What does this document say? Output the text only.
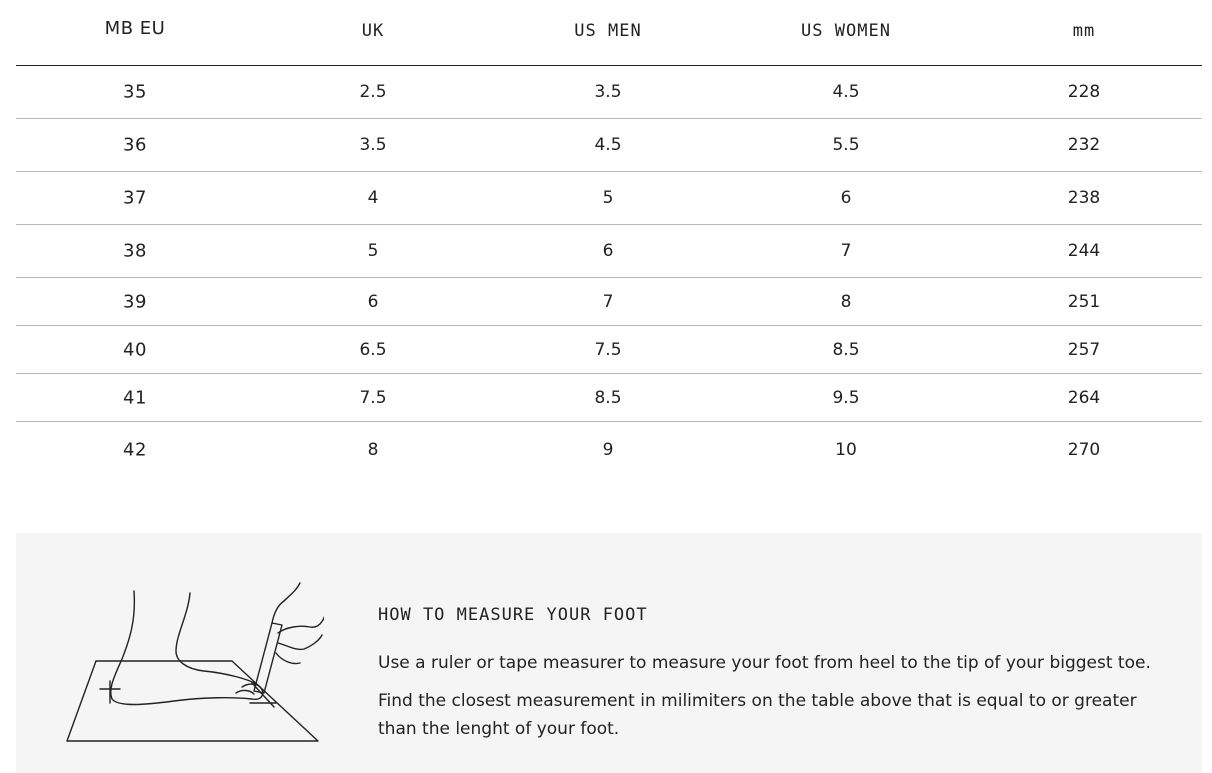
MB EU	UK	US MEN	US WOMEN	mm
35	2.5	3.5	4.5	228
36	3.5	4.5	5.5	232
37	4	5	6	238
38	5	6	7	244
39	6	7	8	251
40	6.5	7.5	8.5	257
41	7.5	8.5	9.5	264
42	8	9	10	270
HOW TO MEASURE YOUR FOOT
Use a ruler or tape measurer to measure your foot from heel to the tip of your biggest toe.
Find the closest measurement in milimiters on the table above that is equal to or greater than the lenght of your foot.
